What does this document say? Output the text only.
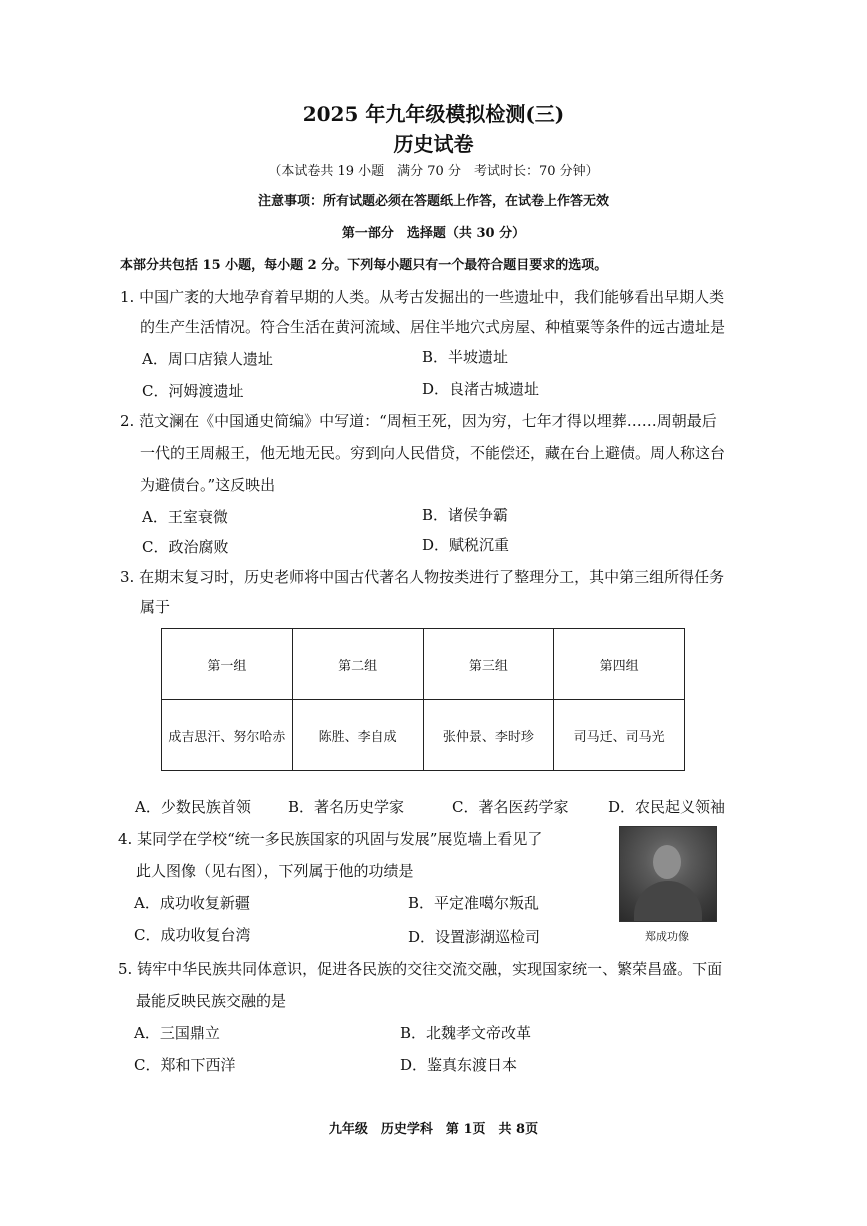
2025 年九年级模拟检测(三)
历史试卷
（本试卷共 19 小题　满分 70 分　考试时长：70 分钟）
注意事项：所有试题必须在答题纸上作答，在试卷上作答无效
第一部分　选择题（共 30 分）
本部分共包括 15 小题，每小题 2 分。下列每小题只有一个最符合题目要求的选项。
1. 中国广袤的大地孕育着早期的人类。从考古发掘出的一些遗址中，我们能够看出早期人类
的生产生活情况。符合生活在黄河流域、居住半地穴式房屋、种植粟等条件的远古遗址是
A．周口店猿人遗址	B．半坡遗址
C．河姆渡遗址	D．良渚古城遗址
2. 范文澜在《中国通史简编》中写道：“周桓王死，因为穷，七年才得以埋葬……周朝最后
一代的王周赧王，他无地无民。穷到向人民借贷，不能偿还，藏在台上避债。周人称这台
为避债台。”这反映出
A．王室衰微	B．诸侯争霸
C．政治腐败	D．赋税沉重
3. 在期末复习时，历史老师将中国古代著名人物按类进行了整理分工，其中第三组所得任务
属于
第一组	第二组	第三组	第四组
成吉思汗、努尔哈赤	陈胜、李自成	张仲景、李时珍	司马迁、司马光
A．少数民族首领 B．著名历史学家	C．著名医药学家	D．农民起义领袖
4. 某同学在学校“统一多民族国家的巩固与发展”展览墙上看见了
此人图像（见右图），下列属于他的功绩是
A．成功收复新疆	B．平定准噶尔叛乱
C．成功收复台湾	D．设置澎湖巡检司	郑成功像
5. 铸牢中华民族共同体意识，促进各民族的交往交流交融，实现国家统一、繁荣昌盛。下面
最能反映民族交融的是
A．三国鼎立	B．北魏孝文帝改革
C．郑和下西洋	D．鉴真东渡日本
九年级　历史学科　第 1页　共 8页
